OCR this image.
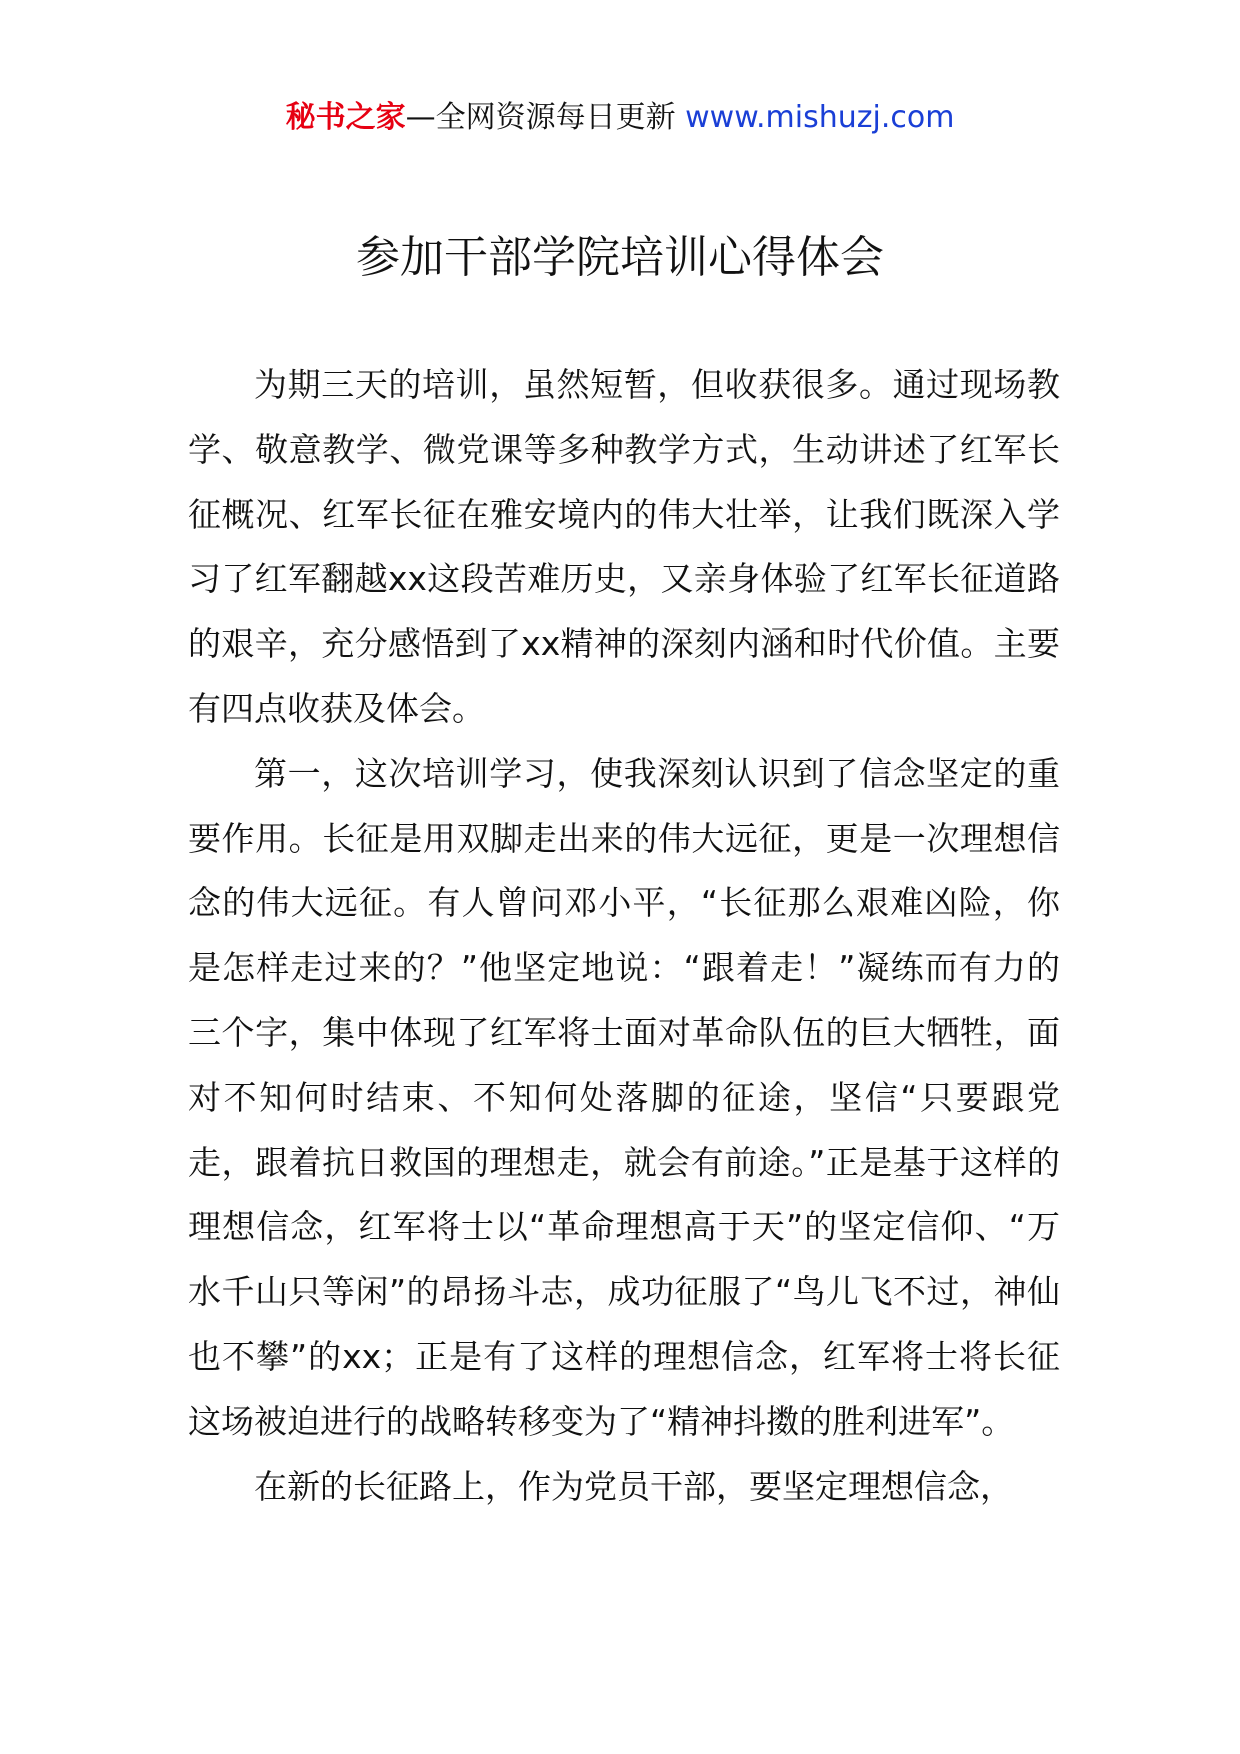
秘书之家—全网资源每日更新 www.mishuzj.com
参加干部学院培训心得体会

为期三天的培训，虽然短暂，但收获很多。通过现场教学、敬意教学、微党课等多种教学方式，生动讲述了红军长征概况、红军长征在雅安境内的伟大壮举，让我们既深入学习了红军翻越xx这段苦难历史，又亲身体验了红军长征道路的艰辛，充分感悟到了xx精神的深刻内涵和时代价值。主要有四点收获及体会。

第一，这次培训学习，使我深刻认识到了信念坚定的重要作用。长征是用双脚走出来的伟大远征，更是一次理想信念的伟大远征。有人曾问邓小平，“长征那么艰难凶险，你是怎样走过来的？”他坚定地说：“跟着走！”凝练而有力的三个字，集中体现了红军将士面对革命队伍的巨大牺牲，面对不知何时结束、不知何处落脚的征途，坚信“只要跟党走，跟着抗日救国的理想走，就会有前途。”正是基于这样的理想信念，红军将士以“革命理想高于天”的坚定信仰、“万水千山只等闲”的昂扬斗志，成功征服了“鸟儿飞不过，神仙也不攀”的xx；正是有了这样的理想信念，红军将士将长征这场被迫进行的战略转移变为了“精神抖擞的胜利进军”。

在新的长征路上，作为党员干部，要坚定理想信念，
